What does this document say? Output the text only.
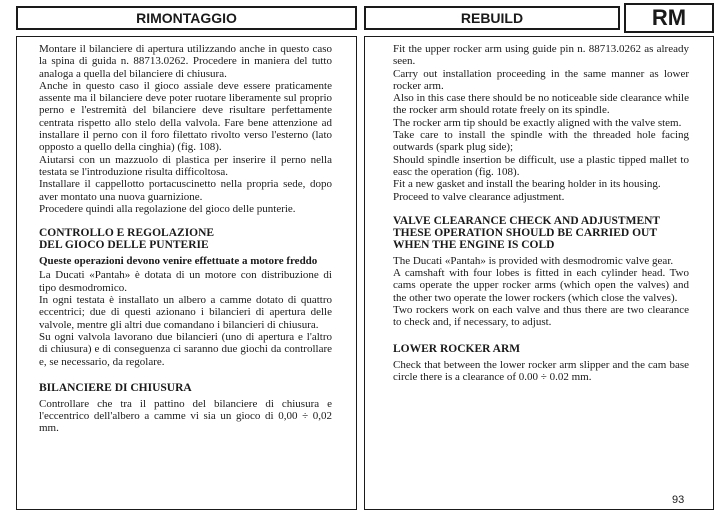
RIMONTAGGIO	REBUILD	RM

Montare il bilanciere di apertura utilizzando anche in questo caso la spina di guida n. 88713.0262. Procedere in maniera del tutto analoga a quella del bilanciere di chiusura.

Anche in questo caso il gioco assiale deve essere praticamente assente ma il bilanciere deve poter ruotare liberamente sul proprio perno e l'estremità del bilanciere deve risultare perfettamente centrata rispetto allo stelo della valvola. Fare bene attenzione ad installare il perno con il foro filettato rivolto verso l'esterno (lato opposto a quello della cinghia) (fig. 108).

Aiutarsi con un mazzuolo di plastica per inserire il perno nella testata se l'introduzione risulta difficoltosa.

Installare il cappellotto portacuscinetto nella propria sede, dopo aver montato una nuova guarnizione.

Procedere quindi alla regolazione del gioco delle punterie.

CONTROLLO E REGOLAZIONE
DEL GIOCO DELLE PUNTERIE

Queste operazioni devono venire effettuate a motore freddo

La Ducati «Pantah» è dotata di un motore con distribuzione di tipo desmodromico.

In ogni testata è installato un albero a camme dotato di quattro eccentrici; due di questi azionano i bilancieri di apertura delle valvole, mentre gli altri due comandano i bilancieri di chiusura.

Su ogni valvola lavorano due bilancieri (uno di apertura e l'altro di chiusura) e di conseguenza ci saranno due giochi da controllare e, se necessario, da regolare.

BILANCIERE DI CHIUSURA

Controllare che tra il pattino del bilanciere di chiusura e l'eccentrico dell'albero a camme vi sia un gioco di 0,00 ÷ 0,02 mm.

Fit the upper rocker arm using guide pin n. 88713.0262 as already seen.

Carry out installation proceeding in the same manner as lower rocker arm.

Also in this case there should be no noticeable side clearance while the rocker arm should rotate freely on its spindle.

The rocker arm tip should be exactly aligned with the valve stem.

Take care to install the spindle with the threaded hole facing outwards (spark plug side);

Should spindle insertion be difficult, use a plastic tipped mallet to easc the operation (fig. 108).

Fit a new gasket and install the bearing holder in its housing.

Proceed to valve clearance adjustment.

VALVE CLEARANCE CHECK AND ADJUSTMENT
THESE OPERATION SHOULD BE CARRIED OUT
WHEN THE ENGINE IS COLD

The Ducati «Pantah» is provided with desmodromic valve gear.

A camshaft with four lobes is fitted in each cylinder head. Two cams operate the upper rocker arms (which open the valves) and the other two operate the lower rockers (which close the valves).

Two rockers work on each valve and thus there are two clearance to check and, if necessary, to adjust.

LOWER ROCKER ARM

Check that between the lower rocker arm slipper and the cam base circle there is a clearance of 0.00 ÷ 0.02 mm.

93
